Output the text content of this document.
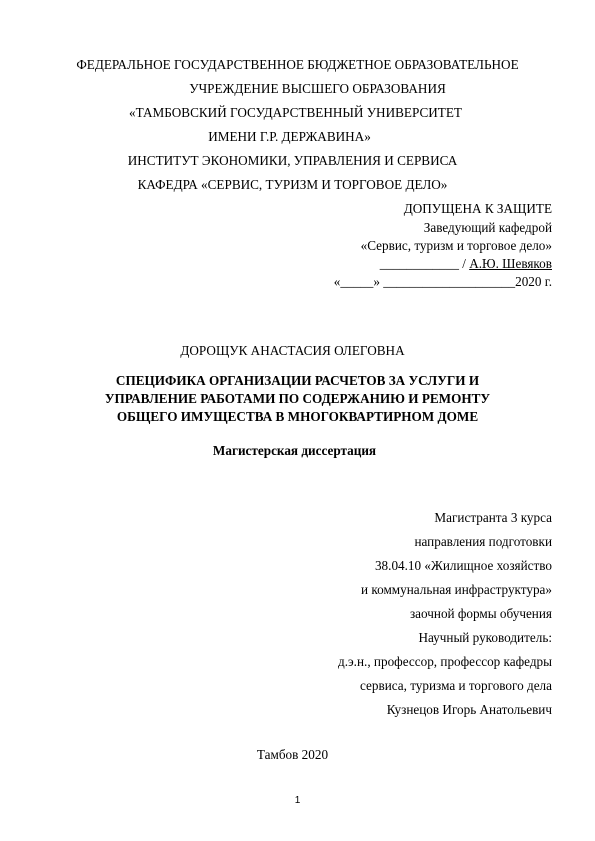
ФЕДЕРАЛЬНОЕ ГОСУДАРСТВЕННОЕ БЮДЖЕТНОЕ ОБРАЗОВАТЕЛЬНОЕ
УЧРЕЖДЕНИЕ ВЫСШЕГО ОБРАЗОВАНИЯ
«ТАМБОВСКИЙ ГОСУДАРСТВЕННЫЙ УНИВЕРСИТЕТ
ИМЕНИ Г.Р. ДЕРЖАВИНА»
ИНСТИТУТ ЭКОНОМИКИ, УПРАВЛЕНИЯ И СЕРВИСА
КАФЕДРА «СЕРВИС, ТУРИЗМ И ТОРГОВОЕ ДЕЛО»
ДОПУЩЕНА К ЗАЩИТЕ
Заведующий кафедрой
«Сервис, туризм и торговое дело»
____________ / А.Ю. Шевяков
«_____» ____________________2020 г.
ДОРОЩУК АНАСТАСИЯ ОЛЕГОВНА
СПЕЦИФИКА ОРГАНИЗАЦИИ РАСЧЕТОВ ЗА УСЛУГИ И
УПРАВЛЕНИЕ РАБОТАМИ ПО СОДЕРЖАНИЮ И РЕМОНТУ
ОБЩЕГО ИМУЩЕСТВА В МНОГОКВАРТИРНОМ ДОМЕ
Магистерская диссертация
Магистранта 3 курса
направления подготовки
38.04.10 «Жилищное хозяйство
и коммунальная инфраструктура»
заочной формы обучения
Научный руководитель:
д.э.н., профессор, профессор кафедры
сервиса, туризма и торгового дела
Кузнецов Игорь Анатольевич
Тамбов 2020
1
